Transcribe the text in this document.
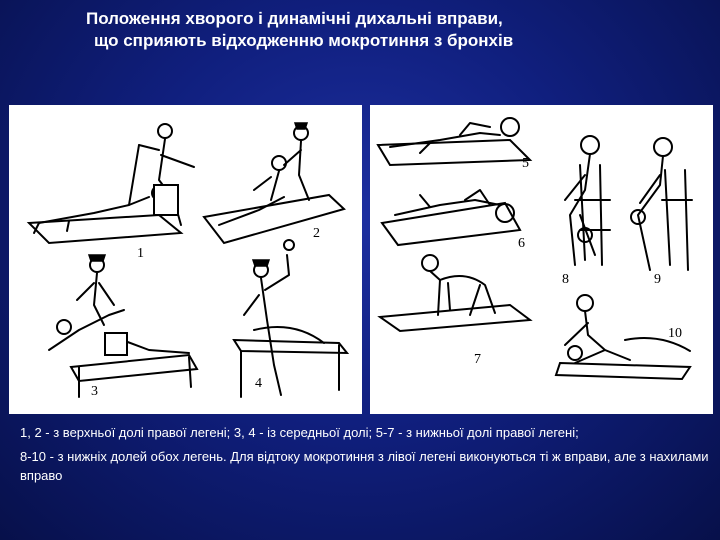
Положення хворого і динамічні дихальні вправи,
що сприяють відходженню мокротиння з бронхів
1
2
3
4
5
6
7
8	9
10

1, 2 - з верхньої долі правої легені; 3, 4 - із середньої долі; 5-7 - з нижньої долі правої легені;

8-10 - з нижніх долей обох легень. Для відтоку мокротиння з лівої легені виконуються ті ж вправи, але з нахилами вправо
